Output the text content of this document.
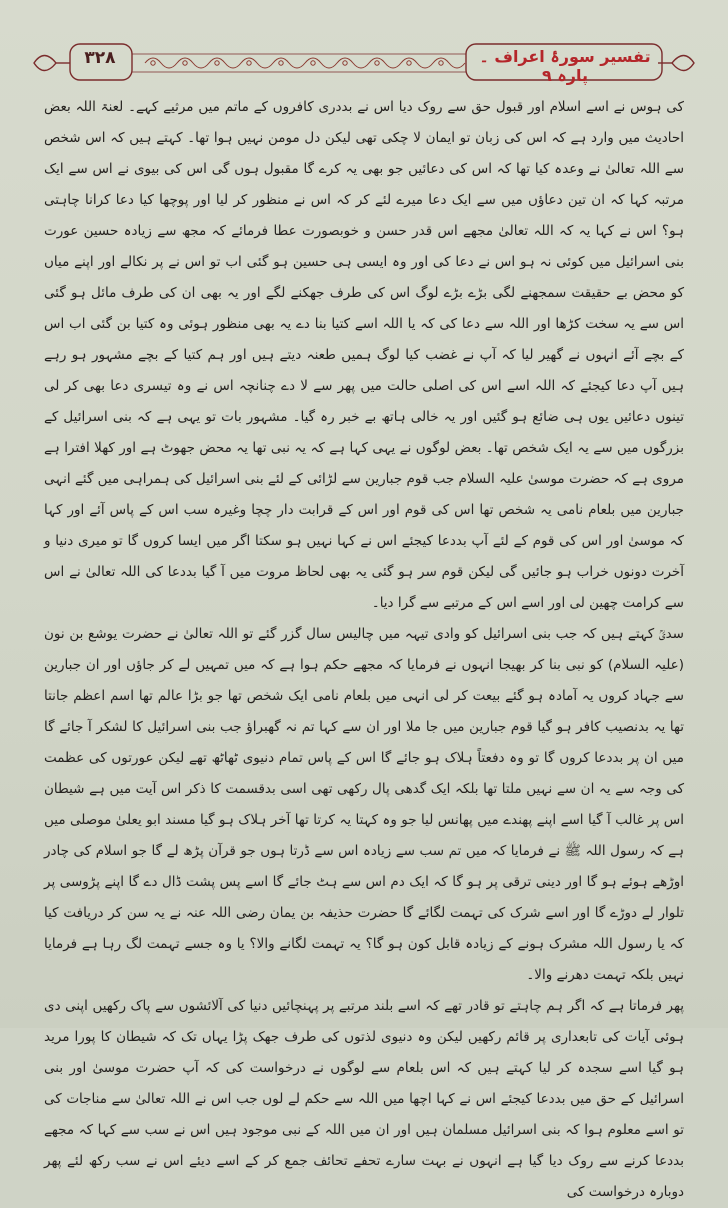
۳۲۸	تفسیر سورۂ اعراف ۔ پارہ ۹

کی ہوس نے اسے اسلام اور قبول حق سے روک دیا اس نے بددری کافروں کے ماتم میں مرثیے کہے۔ لعنۃ اللہ بعض احادیث میں وارد ہے کہ اس کی زبان تو ایمان لا چکی تھی لیکن دل مومن نہیں ہوا تھا۔ کہتے ہیں کہ اس شخص سے اللہ تعالیٰ نے وعدہ کیا تھا کہ اس کی دعائیں جو بھی یہ کرے گا مقبول ہوں گی اس کی بیوی نے اس سے ایک مرتبہ کہا کہ ان تین دعاؤں میں سے ایک دعا میرے لئے کر کہ اس نے منظور کر لیا اور پوچھا کیا دعا کرانا چاہتی ہو؟ اس نے کہا یہ کہ اللہ تعالیٰ مجھے اس قدر حسن و خوبصورت عطا فرمائے کہ مجھ سے زیادہ حسین عورت بنی اسرائیل میں کوئی نہ ہو اس نے دعا کی اور وہ ایسی ہی حسین ہو گئی اب تو اس نے پر نکالے اور اپنے میاں کو محض بے حقیقت سمجھنے لگی بڑے بڑے لوگ اس کی طرف جھکنے لگے اور یہ بھی ان کی طرف مائل ہو گئی اس سے یہ سخت کڑھا اور اللہ سے دعا کی کہ یا اللہ اسے کتیا بنا دے یہ بھی منظور ہوئی وہ کتیا بن گئی اب اس کے بچے آئے انہوں نے گھیر لیا کہ آپ نے غضب کیا لوگ ہمیں طعنہ دیتے ہیں اور ہم کتیا کے بچے مشہور ہو رہے ہیں آپ دعا کیجئے کہ اللہ اسے اس کی اصلی حالت میں پھر سے لا دے چنانچہ اس نے وہ تیسری دعا بھی کر لی تینوں دعائیں یوں ہی ضائع ہو گئیں اور یہ خالی ہاتھ بے خبر رہ گیا۔ مشہور بات تو یہی ہے کہ بنی اسرائیل کے بزرگوں میں سے یہ ایک شخص تھا۔ بعض لوگوں نے یہی کہا ہے کہ یہ نبی تھا یہ محض جھوٹ ہے اور کھلا افترا ہے مروی ہے کہ حضرت موسیٰ علیہ السلام جب قوم جبارین سے لڑائی کے لئے بنی اسرائیل کی ہمراہی میں گئے انہی جبارین میں بلعام نامی یہ شخص تھا اس کی قوم اور اس کے قرابت دار چچا وغیرہ سب اس کے پاس آئے اور کہا کہ موسیٰ اور اس کی قوم کے لئے آپ بددعا کیجئے اس نے کہا نہیں ہو سکتا اگر میں ایسا کروں گا تو میری دنیا و آخرت دونوں خراب ہو جائیں گی لیکن قوم سر ہو گئی یہ بھی لحاظ مروت میں آ گیا بددعا کی اللہ تعالیٰ نے اس سے کرامت چھین لی اور اسے اس کے مرتبے سے گرا دیا۔

سدیؒ کہتے ہیں کہ جب بنی اسرائیل کو وادی تیہہ میں چالیس سال گزر گئے تو اللہ تعالیٰ نے حضرت یوشع بن نون (علیہ السلام) کو نبی بنا کر بھیجا انہوں نے فرمایا کہ مجھے حکم ہوا ہے کہ میں تمہیں لے کر جاؤں اور ان جبارین سے جہاد کروں یہ آمادہ ہو گئے بیعت کر لی انہی میں بلعام نامی ایک شخص تھا جو بڑا عالم تھا اسم اعظم جانتا تھا یہ بدنصیب کافر ہو گیا قوم جبارین میں جا ملا اور ان سے کہا تم نہ گھبراؤ جب بنی اسرائیل کا لشکر آ جائے گا میں ان پر بددعا کروں گا تو وہ دفعتاً ہلاک ہو جائے گا اس کے پاس تمام دنیوی ٹھاٹھ تھے لیکن عورتوں کی عظمت کی وجہ سے یہ ان سے نہیں ملتا تھا بلکہ ایک گدھی پال رکھی تھی اسی بدقسمت کا ذکر اس آیت میں ہے شیطان اس پر غالب آ گیا اسے اپنے پھندے میں پھانس لیا جو وہ کہتا یہ کرتا تھا آخر ہلاک ہو گیا مسند ابو یعلیٰ موصلی میں ہے کہ رسول اللہ ﷺ نے فرمایا کہ میں تم سب سے زیادہ اس سے ڈرتا ہوں جو قرآن پڑھ لے گا جو اسلام کی چادر اوڑھے ہوئے ہو گا اور دینی ترقی پر ہو گا کہ ایک دم اس سے ہٹ جائے گا اسے پس پشت ڈال دے گا اپنے پڑوسی پر تلوار لے دوڑے گا اور اسے شرک کی تہمت لگائے گا حضرت حذیفہ بن یمان رضی اللہ عنہ نے یہ سن کر دریافت کیا کہ یا رسول اللہ مشرک ہونے کے زیادہ قابل کون ہو گا؟ یہ تہمت لگانے والا؟ یا وہ جسے تہمت لگ رہا ہے فرمایا نہیں بلکہ تہمت دھرنے والا۔

پھر فرماتا ہے کہ اگر ہم چاہتے تو قادر تھے کہ اسے بلند مرتبے پر پہنچائیں دنیا کی آلائشوں سے پاک رکھیں اپنی دی ہوئی آیات کی تابعداری پر قائم رکھیں لیکن وہ دنیوی لذتوں کی طرف جھک پڑا یہاں تک کہ شیطان کا پورا مرید ہو گیا اسے سجدہ کر لیا کہتے ہیں کہ اس بلعام سے لوگوں نے درخواست کی کہ آپ حضرت موسیٰ اور بنی اسرائیل کے حق میں بددعا کیجئے اس نے کہا اچھا میں اللہ سے حکم لے لوں جب اس نے اللہ تعالیٰ سے مناجات کی تو اسے معلوم ہوا کہ بنی اسرائیل مسلمان ہیں اور ان میں اللہ کے نبی موجود ہیں اس نے سب سے کہا کہ مجھے بددعا کرنے سے روک دیا گیا ہے انہوں نے بہت سارے تحفے تحائف جمع کر کے اسے دیئے اس نے سب رکھ لئے پھر دوبارہ درخواست کی
